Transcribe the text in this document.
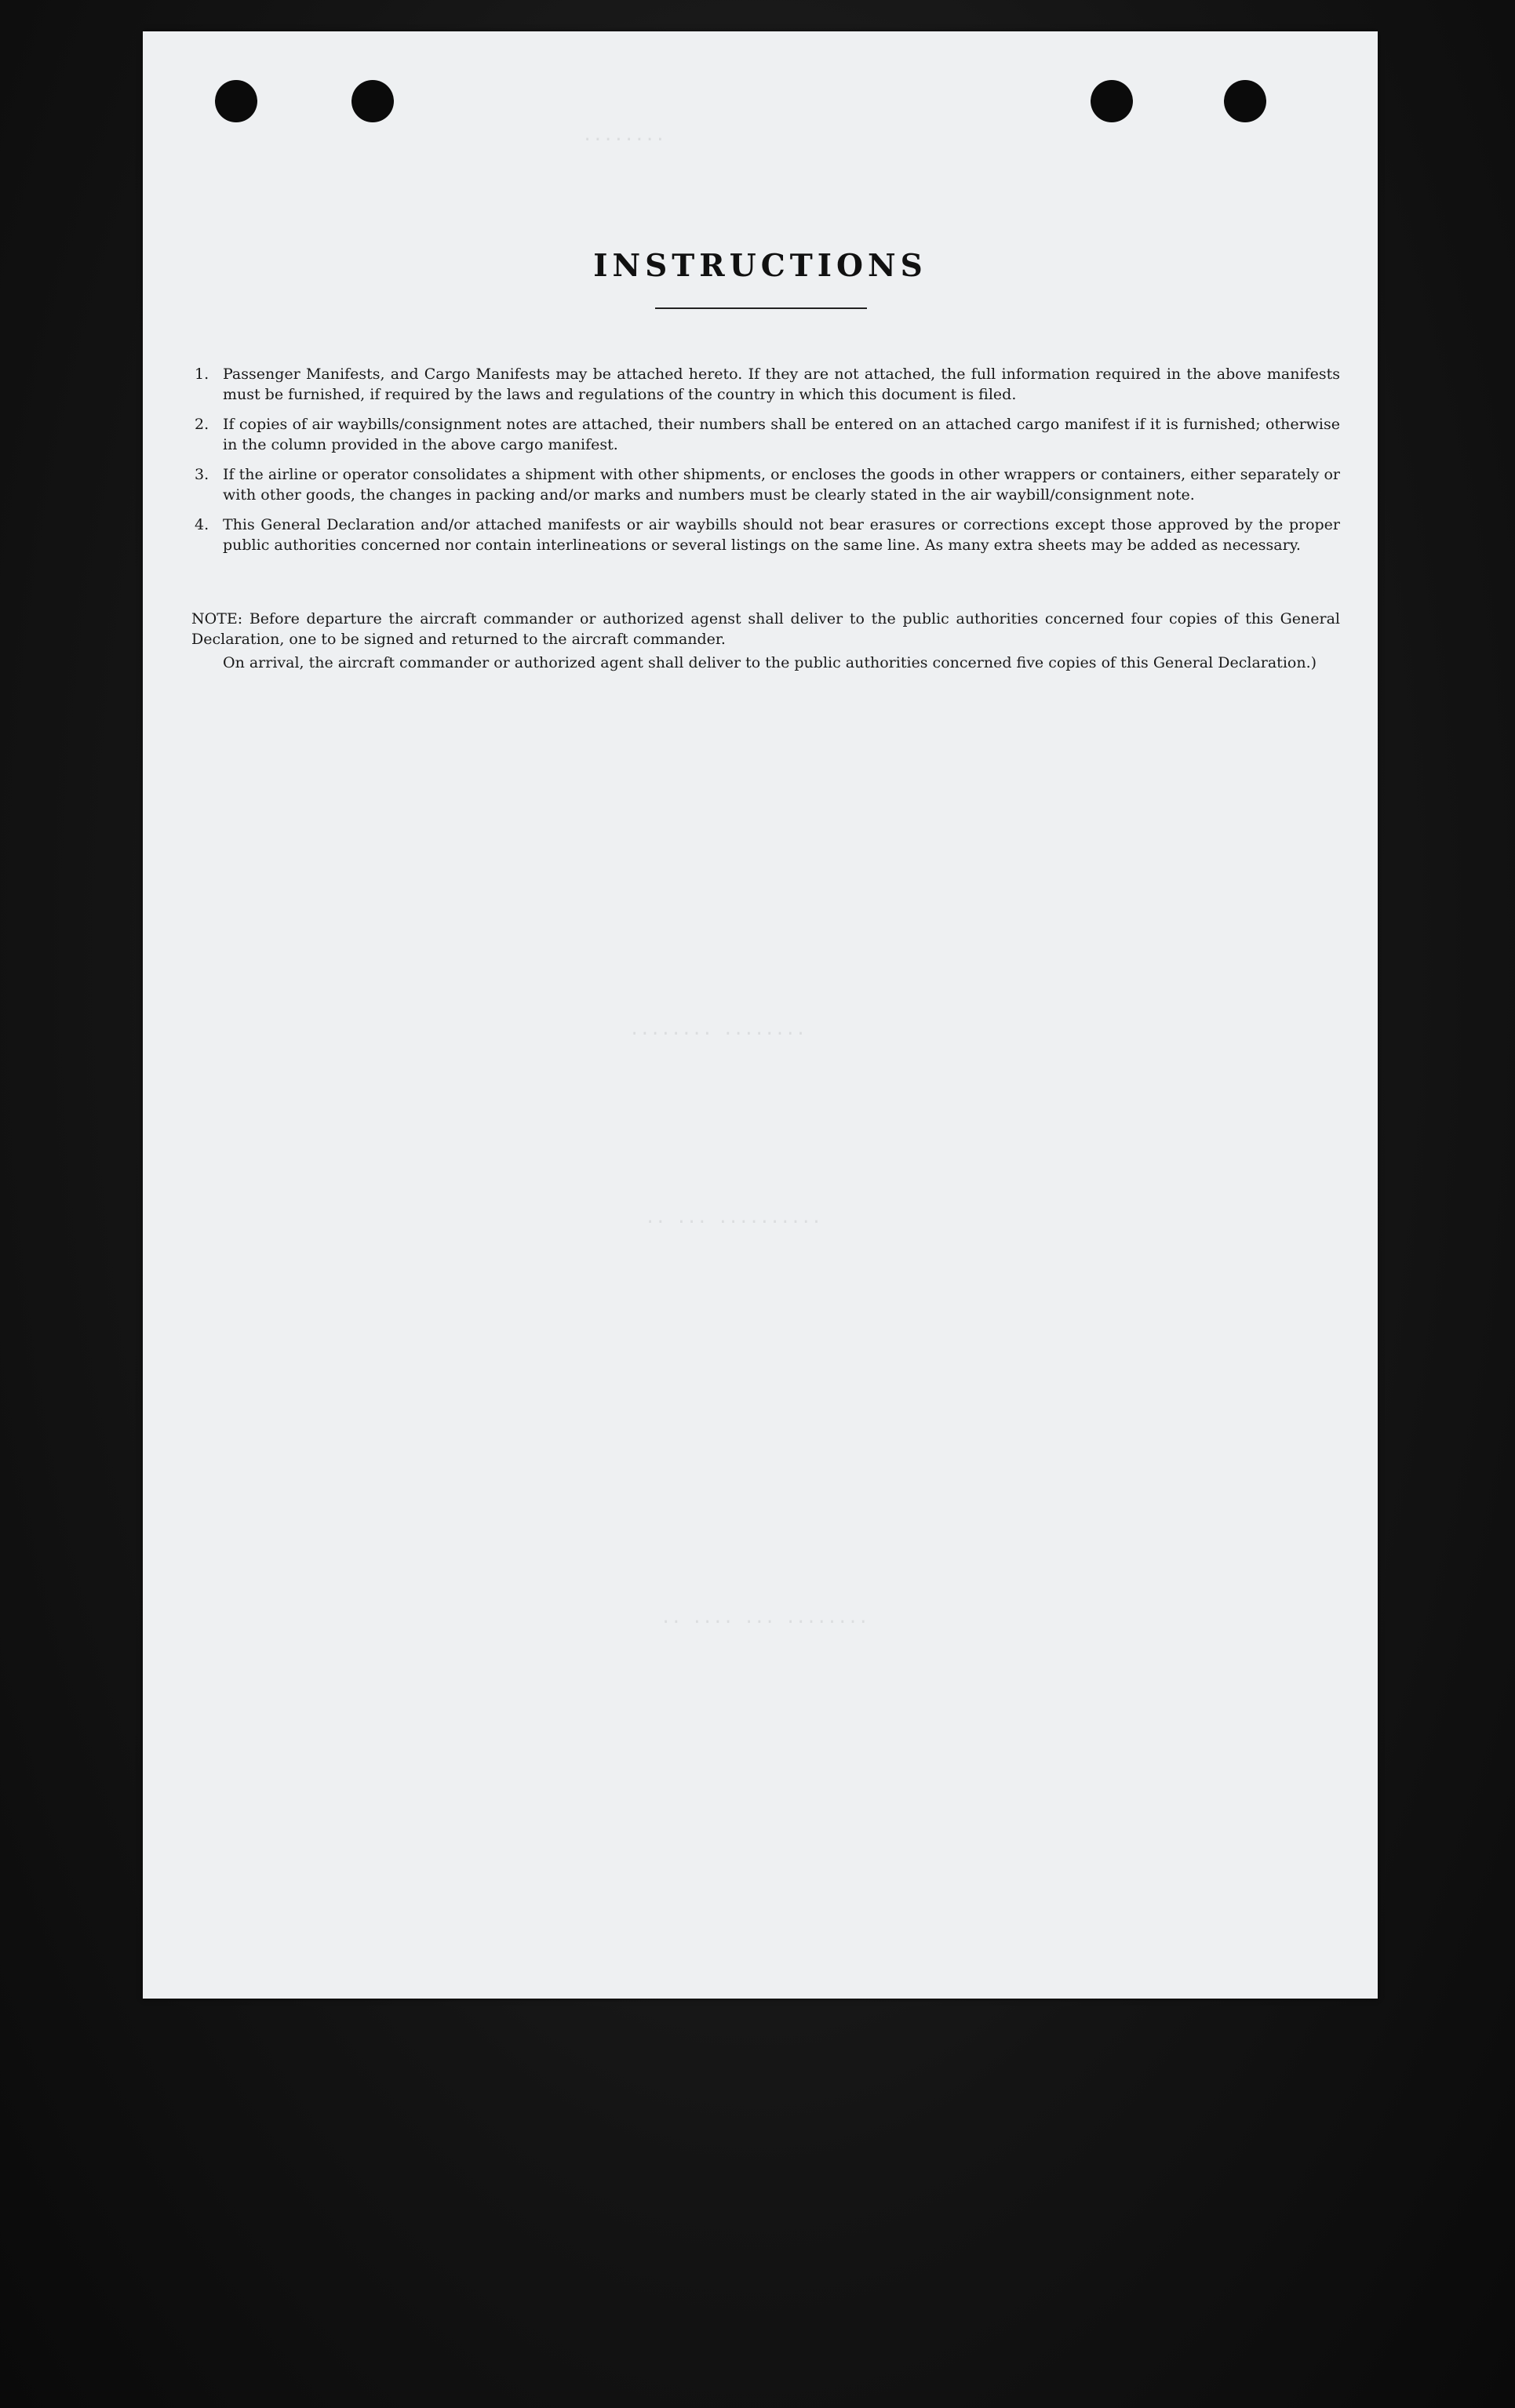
........
........ ........
.. ... ..........
.. .... ... ........
INSTRUCTIONS
1. Passenger Manifests, and Cargo Manifests may be attached hereto. If they are not attached, the full information required in the above manifests must be furnished, if required by the laws and regulations of the country in which this document is filed.
2. If copies of air waybills/consignment notes are attached, their numbers shall be entered on an attached cargo manifest if it is furnished; otherwise in the column provided in the above cargo manifest.
3. If the airline or operator consolidates a shipment with other shipments, or encloses the goods in other wrappers or containers, either separately or with other goods, the changes in packing and/or marks and numbers must be clearly stated in the air waybill/consignment note.
4. This General Declaration and/or attached manifests or air waybills should not bear erasures or corrections except those approved by the proper public authorities concerned nor contain interlineations or several listings on the same line. As many extra sheets may be added as necessary.

NOTE: Before departure the aircraft commander or authorized agenst shall deliver to the public authorities concerned four copies of this General Declaration, one to be signed and returned to the aircraft commander.

On arrival, the aircraft commander or authorized agent shall deliver to the public authorities concerned five copies of this General Declaration.)
